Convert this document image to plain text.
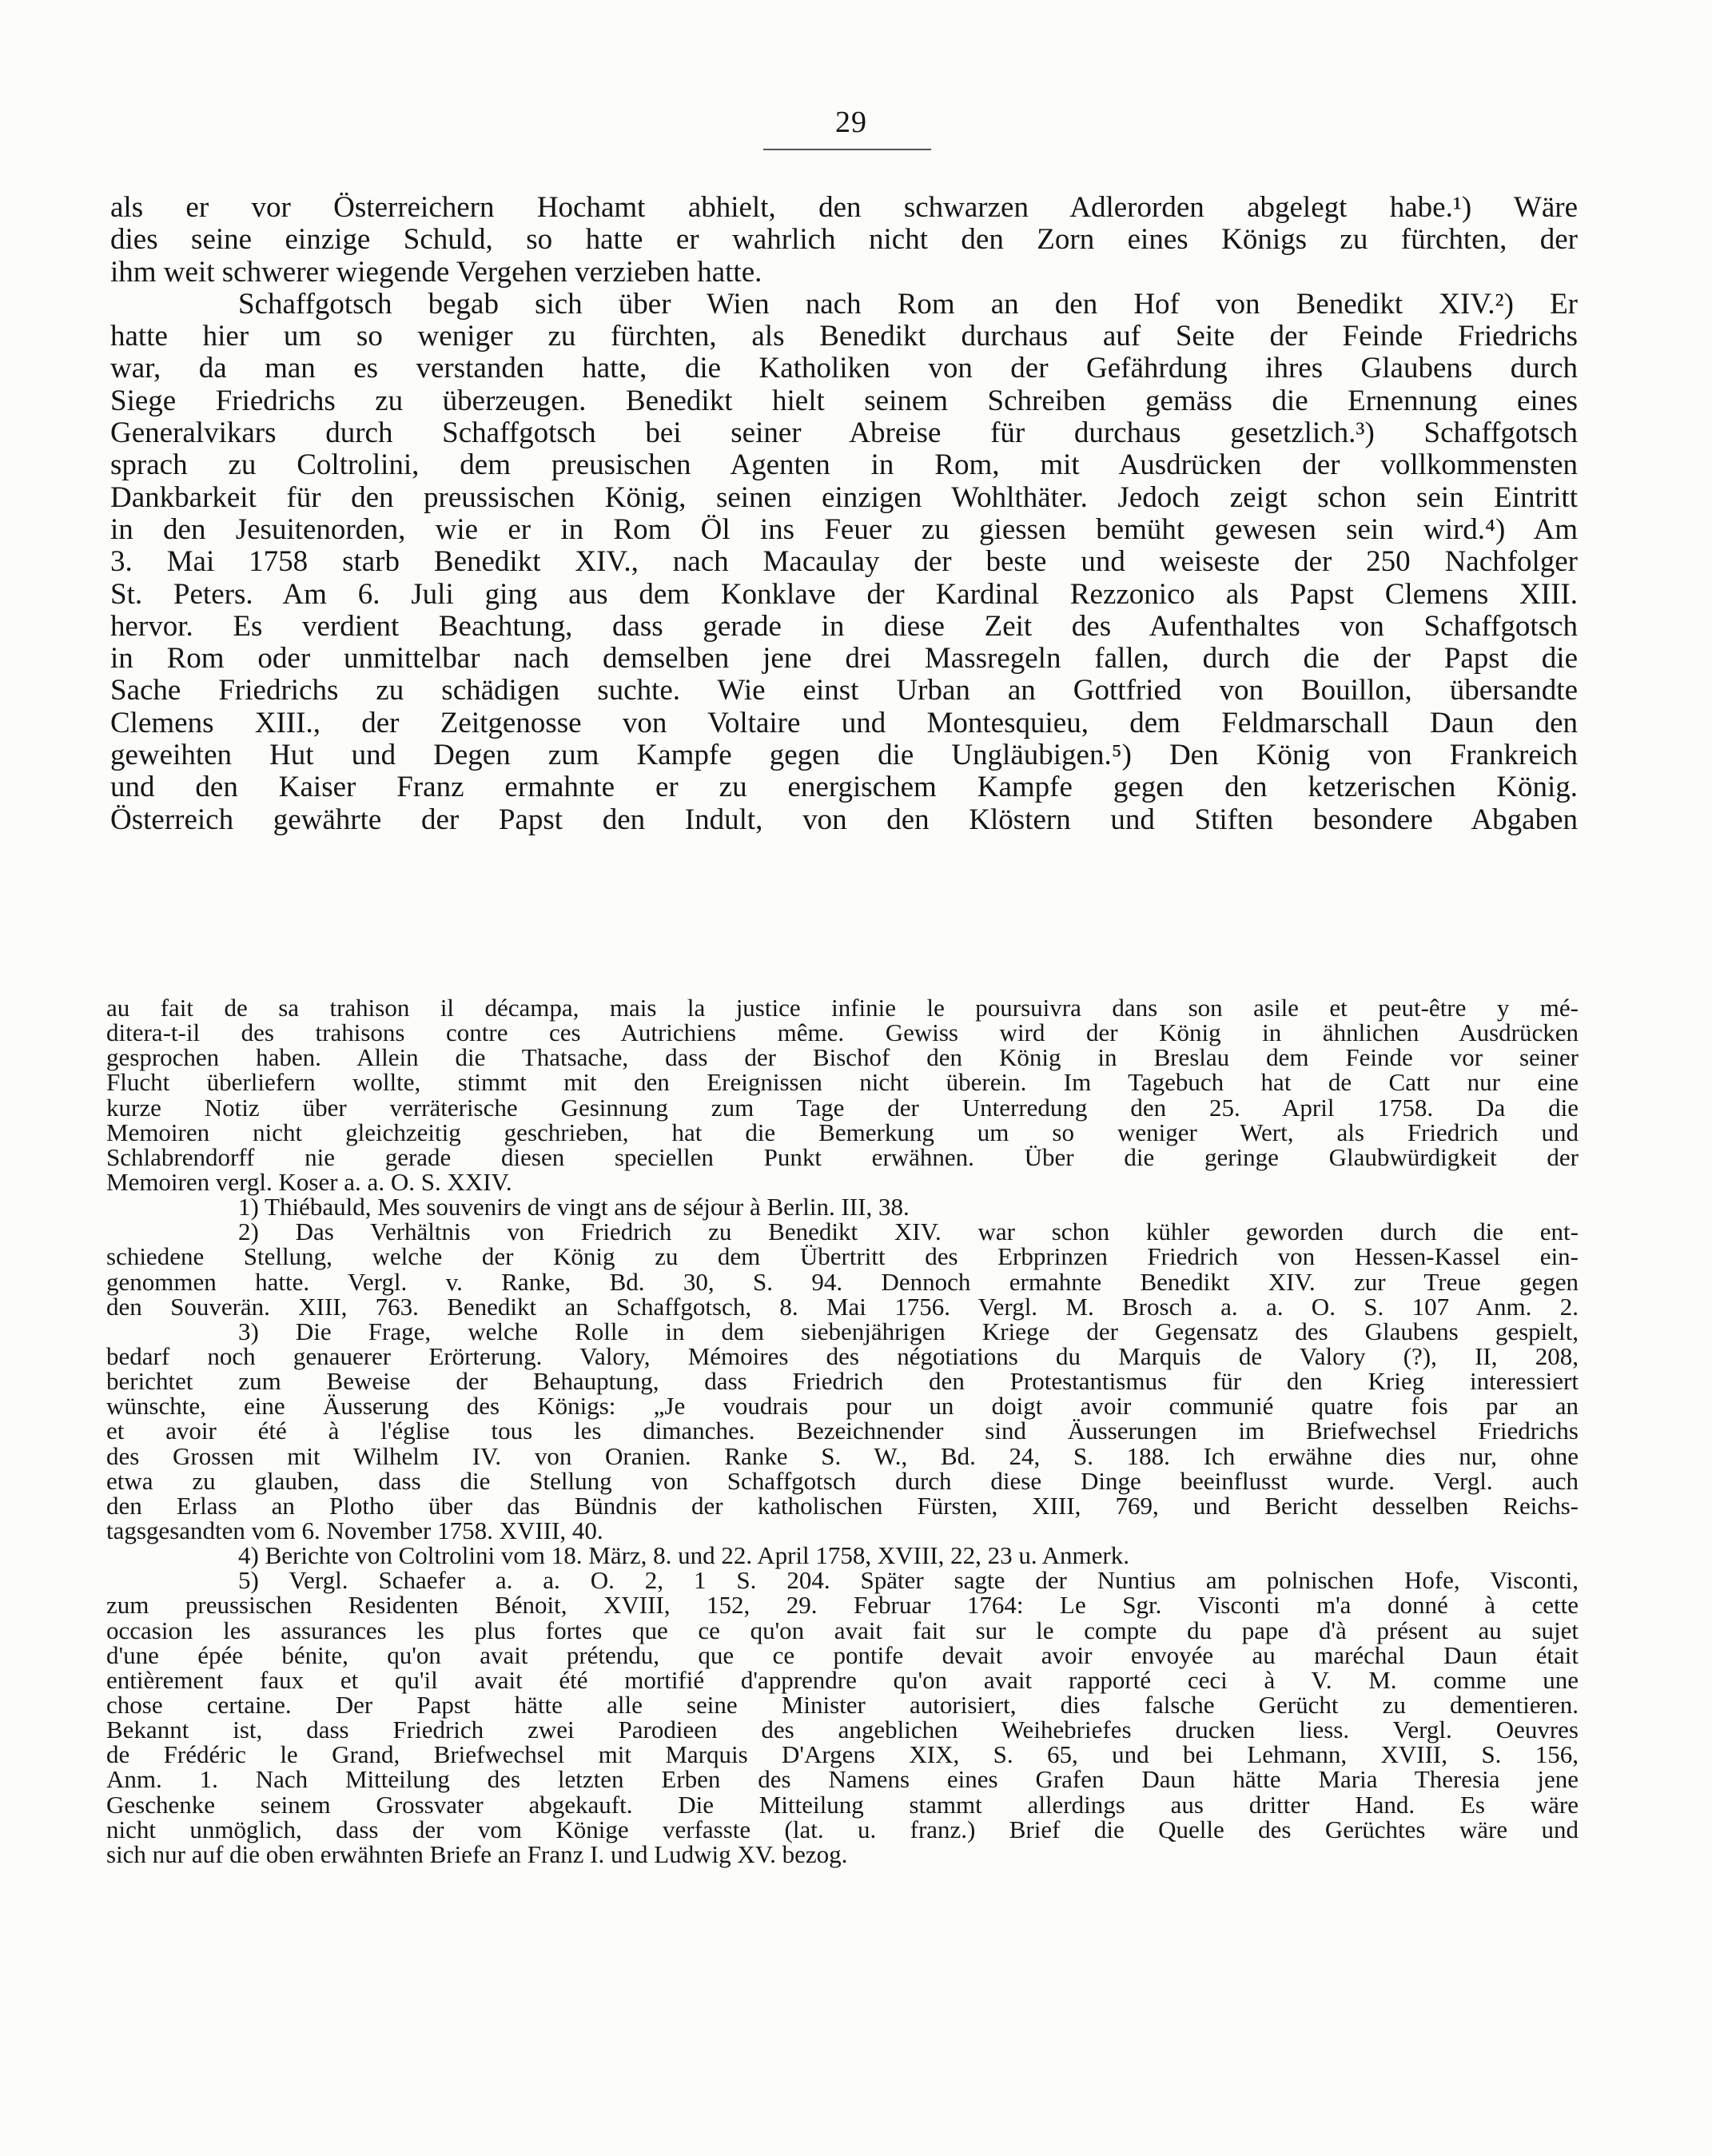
29
als er vor Österreichern Hochamt abhielt, den schwarzen Adlerorden abgelegt habe.¹) Wäre
dies seine einzige Schuld, so hatte er wahrlich nicht den Zorn eines Königs zu fürchten, der
ihm weit schwerer wiegende Vergehen verzieben hatte.
Schaffgotsch begab sich über Wien nach Rom an den Hof von Benedikt XIV.²) Er
hatte hier um so weniger zu fürchten, als Benedikt durchaus auf Seite der Feinde Friedrichs
war, da man es verstanden hatte, die Katholiken von der Gefährdung ihres Glaubens durch
Siege Friedrichs zu überzeugen. Benedikt hielt seinem Schreiben gemäss die Ernennung eines
Generalvikars durch Schaffgotsch bei seiner Abreise für durchaus gesetzlich.³) Schaffgotsch
sprach zu Coltrolini, dem preusischen Agenten in Rom, mit Ausdrücken der vollkommensten
Dankbarkeit für den preussischen König, seinen einzigen Wohlthäter. Jedoch zeigt schon sein Eintritt
in den Jesuitenorden, wie er in Rom Öl ins Feuer zu giessen bemüht gewesen sein wird.⁴) Am
3. Mai 1758 starb Benedikt XIV., nach Macaulay der beste und weiseste der 250 Nachfolger
St. Peters. Am 6. Juli ging aus dem Konklave der Kardinal Rezzonico als Papst Clemens XIII.
hervor. Es verdient Beachtung, dass gerade in diese Zeit des Aufenthaltes von Schaffgotsch
in Rom oder unmittelbar nach demselben jene drei Massregeln fallen, durch die der Papst die
Sache Friedrichs zu schädigen suchte. Wie einst Urban an Gottfried von Bouillon, übersandte
Clemens XIII., der Zeitgenosse von Voltaire und Montesquieu, dem Feldmarschall Daun den
geweihten Hut und Degen zum Kampfe gegen die Ungläubigen.⁵) Den König von Frankreich
und den Kaiser Franz ermahnte er zu energischem Kampfe gegen den ketzerischen König.
Österreich gewährte der Papst den Indult, von den Klöstern und Stiften besondere Abgaben
au fait de sa trahison il décampa, mais la justice infinie le poursuivra dans son asile et peut-être y mé-
ditera-t-il des trahisons contre ces Autrichiens même. Gewiss wird der König in ähnlichen Ausdrücken
gesprochen haben. Allein die Thatsache, dass der Bischof den König in Breslau dem Feinde vor seiner
Flucht überliefern wollte, stimmt mit den Ereignissen nicht überein. Im Tagebuch hat de Catt nur eine
kurze Notiz über verräterische Gesinnung zum Tage der Unterredung den 25. April 1758. Da die
Memoiren nicht gleichzeitig geschrieben, hat die Bemerkung um so weniger Wert, als Friedrich und
Schlabrendorff nie gerade diesen speciellen Punkt erwähnen. Über die geringe Glaubwürdigkeit der
Memoiren vergl. Koser a. a. O. S. XXIV.
1) Thiébauld, Mes souvenirs de vingt ans de séjour à Berlin. III, 38.
2) Das Verhältnis von Friedrich zu Benedikt XIV. war schon kühler geworden durch die ent-
schiedene Stellung, welche der König zu dem Übertritt des Erbprinzen Friedrich von Hessen-Kassel ein-
genommen hatte. Vergl. v. Ranke, Bd. 30, S. 94. Dennoch ermahnte Benedikt XIV. zur Treue gegen
den Souverän. XIII, 763. Benedikt an Schaffgotsch, 8. Mai 1756. Vergl. M. Brosch a. a. O. S. 107 Anm. 2.
3) Die Frage, welche Rolle in dem siebenjährigen Kriege der Gegensatz des Glaubens gespielt,
bedarf noch genauerer Erörterung. Valory, Mémoires des négotiations du Marquis de Valory (?), II, 208,
berichtet zum Beweise der Behauptung, dass Friedrich den Protestantismus für den Krieg interessiert
wünschte, eine Äusserung des Königs: „Je voudrais pour un doigt avoir communié quatre fois par an
et avoir été à l'église tous les dimanches. Bezeichnender sind Äusserungen im Briefwechsel Friedrichs
des Grossen mit Wilhelm IV. von Oranien. Ranke S. W., Bd. 24, S. 188. Ich erwähne dies nur, ohne
etwa zu glauben, dass die Stellung von Schaffgotsch durch diese Dinge beeinflusst wurde. Vergl. auch
den Erlass an Plotho über das Bündnis der katholischen Fürsten, XIII, 769, und Bericht desselben Reichs-
tagsgesandten vom 6. November 1758. XVIII, 40.
4) Berichte von Coltrolini vom 18. März, 8. und 22. April 1758, XVIII, 22, 23 u. Anmerk.
5) Vergl. Schaefer a. a. O. 2, 1 S. 204. Später sagte der Nuntius am polnischen Hofe, Visconti,
zum preussischen Residenten Bénoit, XVIII, 152, 29. Februar 1764: Le Sgr. Visconti m'a donné à cette
occasion les assurances les plus fortes que ce qu'on avait fait sur le compte du pape d'à présent au sujet
d'une épée bénite, qu'on avait prétendu, que ce pontife devait avoir envoyée au maréchal Daun était
entièrement faux et qu'il avait été mortifié d'apprendre qu'on avait rapporté ceci à V. M. comme une
chose certaine. Der Papst hätte alle seine Minister autorisiert, dies falsche Gerücht zu dementieren.
Bekannt ist, dass Friedrich zwei Parodieen des angeblichen Weihebriefes drucken liess. Vergl. Oeuvres
de Frédéric le Grand, Briefwechsel mit Marquis D'Argens XIX, S. 65, und bei Lehmann, XVIII, S. 156,
Anm. 1. Nach Mitteilung des letzten Erben des Namens eines Grafen Daun hätte Maria Theresia jene
Geschenke seinem Grossvater abgekauft. Die Mitteilung stammt allerdings aus dritter Hand. Es wäre
nicht unmöglich, dass der vom Könige verfasste (lat. u. franz.) Brief die Quelle des Gerüchtes wäre und
sich nur auf die oben erwähnten Briefe an Franz I. und Ludwig XV. bezog.
